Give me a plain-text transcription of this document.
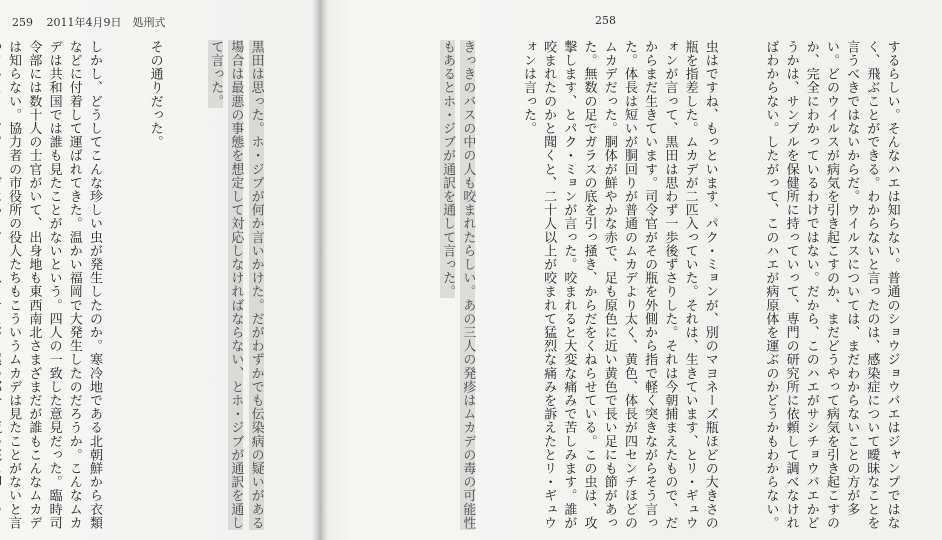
259 2011年4月9日　処刑式

黒田は思った。ホ・ジブが何か言いかけた。だがわずかでも伝染病の疑いがある場合は最悪の事態を想定して対応しなければならない、とホ・ジブが通訳を通して言った。

その通りだった。

しかし、どうしてこんな珍しい虫が発生したのか。寒冷地である北朝鮮から衣類などに付着して運ばれてきた。温かい福岡で大発生したのだろうか。こんなムカデは共和国では誰も見たことがないという。四人の一致した意見だった。臨時司令部には数十人の士官がいて、出身地も東西南北さまざまだが誰もこんなムカデは知らない。協力者の市役所の役人たちもこういうムカデは見たことがないと言

258

するらしい。そんなハエは知らない。普通のショウジョウバエはジャンプではなく、飛ぶことができる。わからないと言ったのは、感染症について曖昧なことを言うべきではないからだ。ウイルスについては、まだわからないことの方が多い。どのウイルスが病気を引き起こすのか、まだどうやって病気を引き起こすのか、完全にわかっているわけではない。だから、このハエがサシチョウバエかどうかは、サンプルを保健所に持っていって、専門の研究所に依頼して調べなければわからない。したがって、このハエが病原体を運ぶのかどうかもわからない。

虫はですね、もっといます、パク・ミョンが、別のマヨネーズ瓶ほどの大きさの瓶を指差した。ムカデが二匹入っていた。それは、生きています、とリ・ギュウォンが言って、黒田は思わず一歩後ずさりした。それは今朝捕まえたもので、だからまだ生きています。司令官がその瓶を外側から指で軽く突きながらそう言った。体長は短いが胴回りが普通のムカデより太く、黄色、体長が四センチほどのムカデだった。胴体が鮮やかな赤で、足も原色に近い黄色で長い足にも節があった。無数の足でガラスの底を引っ掻き、からだをくねらせている。この虫は、攻撃します、とパク・ミョンが言った。咬まれると大変な痛みで苦しみます。誰が咬まれたのかと聞くと、二十人以上が咬まれて猛烈な痛みを訴えたとリ・ギュウォンは言った。

きっきのバスの中の人も咬まれたらしい。あの三人の発疹はムカデの毒の可能性もあるとホ・ジブが通訳を通して言った。
